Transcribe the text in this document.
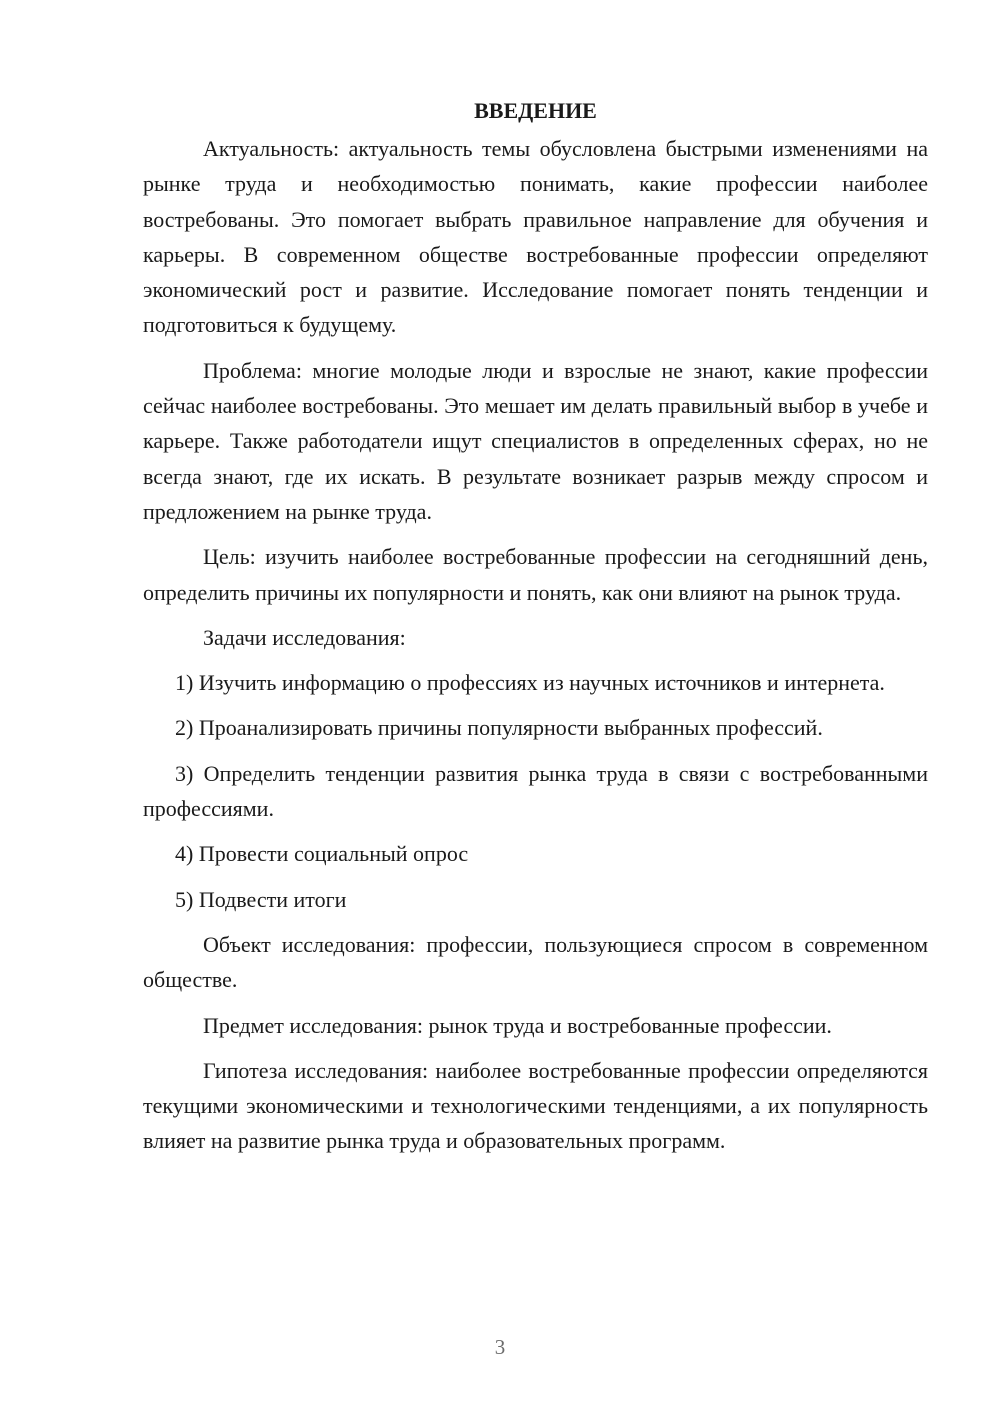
ВВЕДЕНИЕ

Актуальность: актуальность темы обусловлена быстрыми изменениями на рынке труда и необходимостью понимать, какие профессии наиболее востребованы. Это помогает выбрать правильное направление для обучения и карьеры. В современном обществе востребованные профессии определяют экономический рост и развитие. Исследование помогает понять тенденции и подготовиться к будущему.

Проблема: многие молодые люди и взрослые не знают, какие профессии сейчас наиболее востребованы. Это мешает им делать правильный выбор в учебе и карьере. Также работодатели ищут специалистов в определенных сферах, но не всегда знают, где их искать. В результате возникает разрыв между спросом и предложением на рынке труда.

Цель: изучить наиболее востребованные профессии на сегодняшний день, определить причины их популярности и понять, как они влияют на рынок труда.

Задачи исследования:

1) Изучить информацию о профессиях из научных источников и интернета.

2) Проанализировать причины популярности выбранных профессий.

3) Определить тенденции развития рынка труда в связи с востребованными профессиями.

4) Провести социальный опрос

5) Подвести итоги

Объект исследования: профессии, пользующиеся спросом в современном обществе.

Предмет исследования: рынок труда и востребованные профессии.

Гипотеза исследования: наиболее востребованные профессии определяются текущими экономическими и технологическими тенденциями, а их популярность влияет на развитие рынка труда и образовательных программ.

3
